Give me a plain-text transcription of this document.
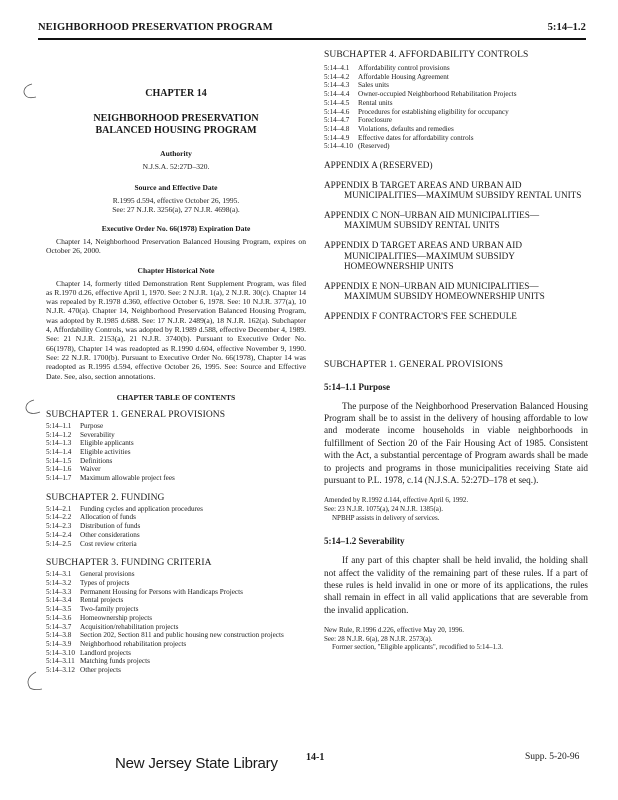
NEIGHBORHOOD PRESERVATION PROGRAM	5:14–1.2
CHAPTER 14
NEIGHBORHOOD PRESERVATION BALANCED HOUSING PROGRAM
Authority
N.J.S.A. 52:27D–320.
Source and Effective Date
R.1995 d.594, effective October 26, 1995.
See: 27 N.J.R. 3256(a), 27 N.J.R. 4698(a).
Executive Order No. 66(1978) Expiration Date
Chapter 14, Neighborhood Preservation Balanced Housing Program, expires on October 26, 2000.
Chapter Historical Note
Chapter 14, formerly titled Demonstration Rent Supplement Program, was filed as R.1970 d.26, effective April 1, 1970. See: 2 N.J.R. 1(a), 2 N.J.R. 30(c). Chapter 14 was repealed by R.1978 d.360, effective October 6, 1978. See: 10 N.J.R. 377(a), 10 N.J.R. 470(a). Chapter 14, Neighborhood Preservation Balanced Housing Program, was adopted by R.1985 d.688. See: 17 N.J.R. 2489(a), 18 N.J.R. 162(a). Subchapter 4, Affordability Controls, was adopted by R.1989 d.588, effective December 4, 1989. See: 21 N.J.R. 2153(a), 21 N.J.R. 3740(b). Pursuant to Executive Order No. 66(1978), Chapter 14 was readopted as R.1990 d.604, effective November 9, 1990. See: 22 N.J.R. 1700(b). Pursuant to Executive Order No. 66(1978), Chapter 14 was readopted as R.1995 d.594, effective October 26, 1995. See: Source and Effective Date. See, also, section annotations.
CHAPTER TABLE OF CONTENTS
SUBCHAPTER 1. GENERAL PROVISIONS
5:14–1.1	Purpose
5:14–1.2	Severability
5:14–1.3	Eligible applicants
5:14–1.4	Eligible activities
5:14–1.5	Definitions
5:14–1.6	Waiver
5:14–1.7	Maximum allowable project fees
SUBCHAPTER 2. FUNDING
5:14–2.1	Funding cycles and application procedures
5:14–2.2	Allocation of funds
5:14–2.3	Distribution of funds
5:14–2.4	Other considerations
5:14–2.5	Cost review criteria
SUBCHAPTER 3. FUNDING CRITERIA
5:14–3.1	General provisions
5:14–3.2	Types of projects
5:14–3.3	Permanent Housing for Persons with Handicaps Projects
5:14–3.4	Rental projects
5:14–3.5	Two-family projects
5:14–3.6	Homeownership projects
5:14–3.7	Acquisition/rehabilitation projects
5:14–3.8	Section 202, Section 811 and public housing new construction projects
5:14–3.9	Neighborhood rehabilitation projects
5:14–3.10 Landlord projects
5:14–3.11 Matching funds projects
5:14–3.12 Other projects
SUBCHAPTER 4. AFFORDABILITY CONTROLS
5:14–4.1	Affordability control provisions
5:14–4.2	Affordable Housing Agreement
5:14–4.3	Sales units
5:14–4.4	Owner-occupied Neighborhood Rehabilitation Projects
5:14–4.5	Rental units
5:14–4.6	Procedures for establishing eligibility for occupancy
5:14–4.7	Foreclosure
5:14–4.8	Violations, defaults and remedies
5:14–4.9	Effective dates for affordability controls
5:14–4.10 (Reserved)
APPENDIX A (RESERVED)
APPENDIX B TARGET AREAS AND URBAN AID
MUNICIPALITIES—MAXIMUM SUBSIDY RENTAL UNITS
APPENDIX C NON–URBAN AID MUNICIPALITIES—
MAXIMUM SUBSIDY RENTAL UNITS
APPENDIX D TARGET AREAS AND URBAN AID
MUNICIPALITIES—MAXIMUM SUBSIDY HOMEOWNERSHIP UNITS
APPENDIX E NON–URBAN AID MUNICIPALITIES—
MAXIMUM SUBSIDY HOMEOWNERSHIP UNITS
APPENDIX F CONTRACTOR'S FEE SCHEDULE
SUBCHAPTER 1. GENERAL PROVISIONS
5:14–1.1 Purpose
The purpose of the Neighborhood Preservation Balanced Housing Program shall be to assist in the delivery of housing affordable to low and moderate income households in viable neighborhoods in fulfillment of Section 20 of the Fair Housing Act of 1985. Consistent with the Act, a substantial percentage of Program awards shall be made to projects and programs in those municipalities receiving State aid pursuant to P.L. 1978, c.14 (N.J.S.A. 52:27D–178 et seq.).
Amended by R.1992 d.144, effective April 6, 1992.
See: 23 N.J.R. 1075(a), 24 N.J.R. 1385(a).
NPBHP assists in delivery of services.
5:14–1.2 Severability
If any part of this chapter shall be held invalid, the holding shall not affect the validity of the remaining part of these rules. If a part of these rules is held invalid in one or more of its applications, the rules shall remain in effect in all valid applications that are severable from the invalid application.
New Rule, R.1996 d.226, effective May 20, 1996.
See: 28 N.J.R. 6(a), 28 N.J.R. 2573(a).
Former section, "Eligible applicants", recodified to 5:14–1.3.
New Jersey State Library	14-1	Supp. 5-20-96
